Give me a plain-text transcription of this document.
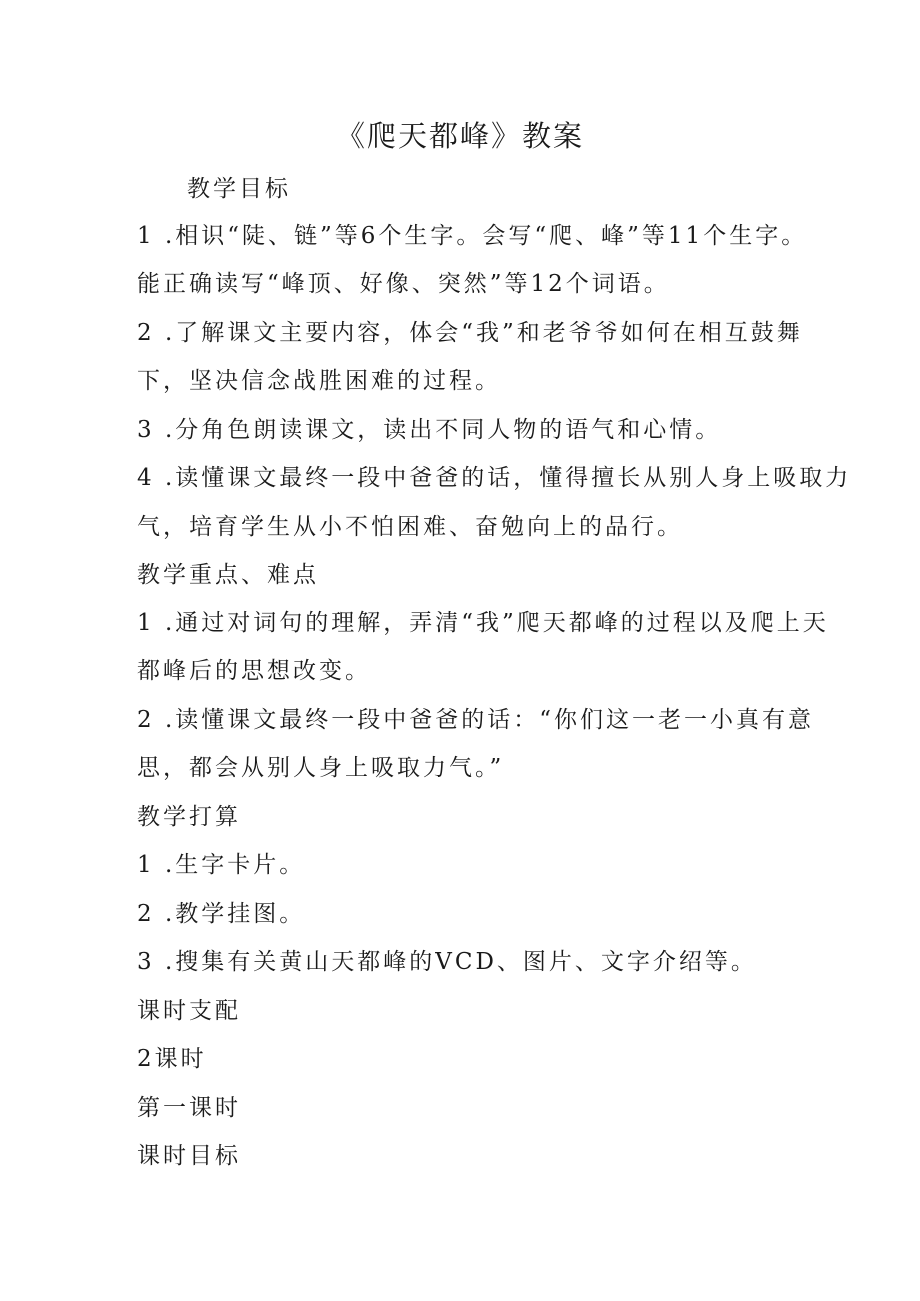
《爬天都峰》教案
教学目标
1 .相识“陡、链”等6个生字。会写“爬、峰”等11个生字。
能正确读写“峰顶、好像、突然”等12个词语。
2 .了解课文主要内容，体会“我”和老爷爷如何在相互鼓舞
下，坚决信念战胜困难的过程。
3 .分角色朗读课文，读出不同人物的语气和心情。
4 .读懂课文最终一段中爸爸的话，懂得擅长从别人身上吸取力
气，培育学生从小不怕困难、奋勉向上的品行。
教学重点、难点
1 .通过对词句的理解，弄清“我”爬天都峰的过程以及爬上天
都峰后的思想改变。
2 .读懂课文最终一段中爸爸的话：“你们这一老一小真有意
思，都会从别人身上吸取力气。”
教学打算
1 .生字卡片。
2 .教学挂图。
3 .搜集有关黄山天都峰的VCD、图片、文字介绍等。
课时支配
2课时
第一课时
课时目标
